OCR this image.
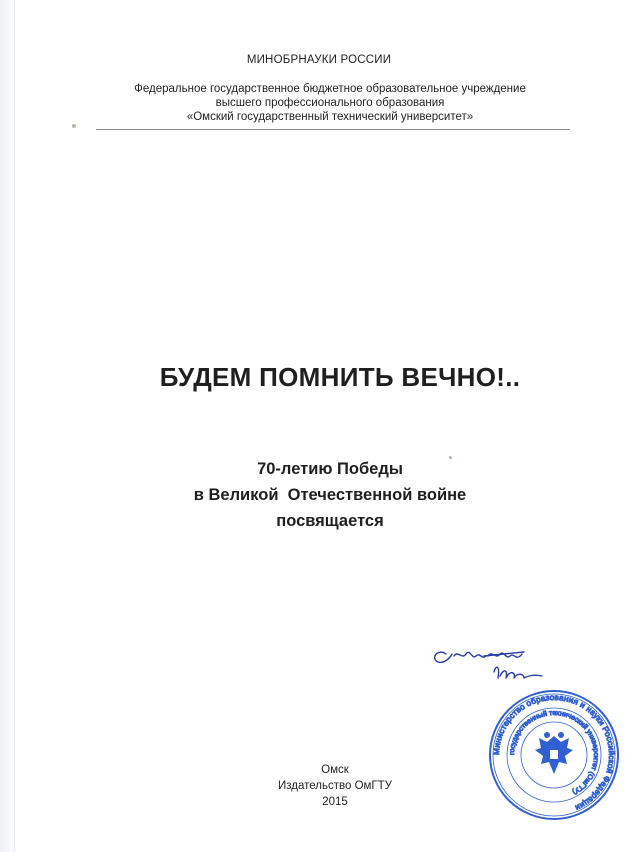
МИНОБРНАУКИ РОССИИ
Федеральное государственное бюджетное образовательное учреждение
высшего профессионального образования
«Омский государственный технический университет»
БУДЕМ ПОМНИТЬ ВЕЧНО!..
70-летию Победы
в Великой  Отечественной войне
посвящается
Министерство образования и науки Российской Федерации
государственный технический университет (ОмГТУ)
Омск
Издательство ОмГТУ
2015
